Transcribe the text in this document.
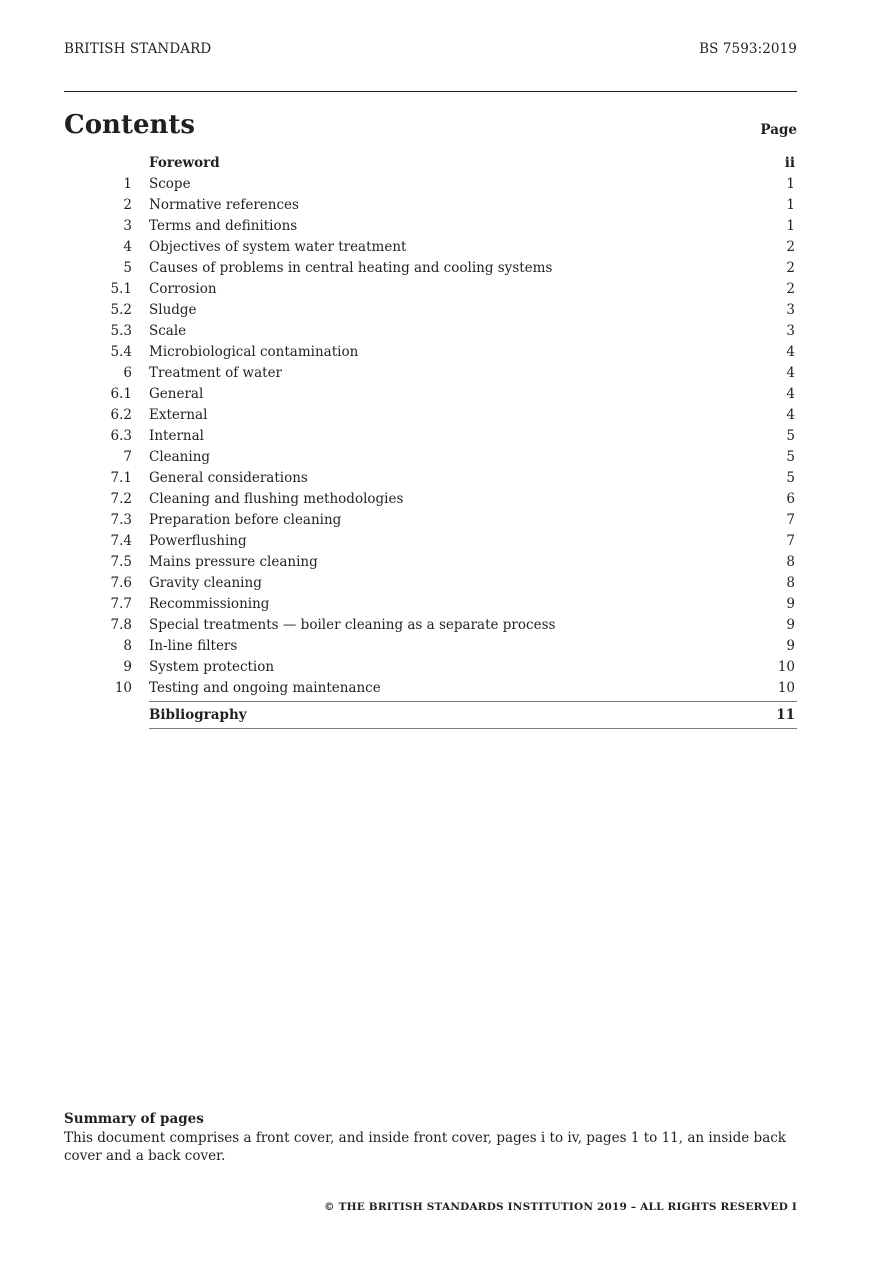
BRITISH STANDARD	BS 7593:2019
Contents	Page
Foreword	ii
1 Scope	1
2 Normative references	1
3 Terms and definitions	1
4 Objectives of system water treatment	2
5 Causes of problems in central heating and cooling systems	2
5.1 Corrosion	2
5.2 Sludge	3
5.3 Scale	3
5.4 Microbiological contamination	4
6 Treatment of water	4
6.1 General	4
6.2 External	4
6.3 Internal	5
7 Cleaning	5
7.1 General considerations	5
7.2 Cleaning and flushing methodologies	6
7.3 Preparation before cleaning	7
7.4 Powerflushing	7
7.5 Mains pressure cleaning	8
7.6 Gravity cleaning	8
7.7 Recommissioning	9
7.8 Special treatments — boiler cleaning as a separate process	9
8 In-line filters	9
9 System protection	10
10 Testing and ongoing maintenance	10
Bibliography	11
Summary of pages
This document comprises a front cover, and inside front cover, pages i to iv, pages 1 to 11, an inside back cover and a back cover.
© THE BRITISH STANDARDS INSTITUTION 2019 – ALL RIGHTS RESERVED I
